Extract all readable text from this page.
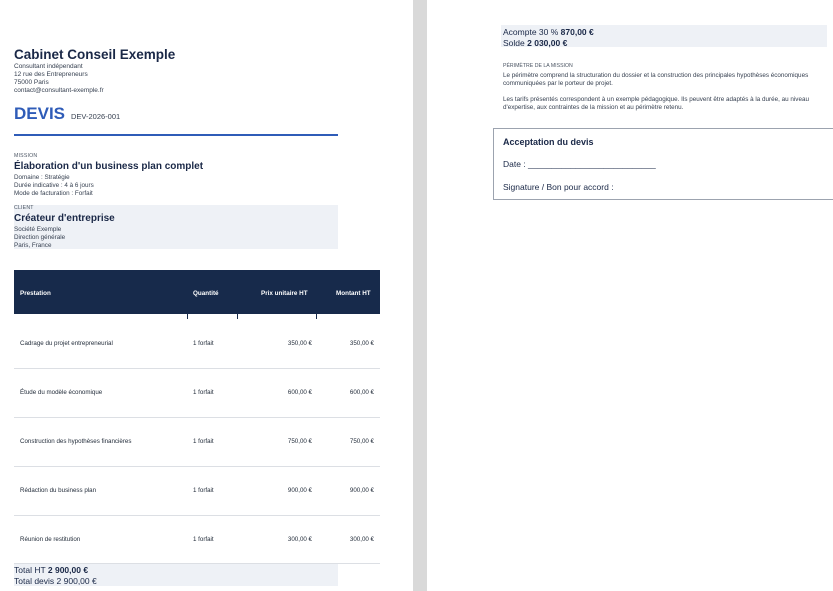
Cabinet Conseil Exemple
Consultant indépendant
12 rue des Entrepreneurs
75000 Paris
contact@consultant-exemple.fr
DEVIS DEV-2026-001
MISSION
Élaboration d'un business plan complet
Domaine : Stratégie
Durée indicative : 4 à 6 jours
Mode de facturation : Forfait
CLIENT
Créateur d'entreprise
Société Exemple
Direction générale
Paris, France
Prestation	Quantité	Prix unitaire HT	Montant HT
Cadrage du projet entrepreneurial	1 forfait	350,00 €	350,00 €
Étude du modèle économique	1 forfait	600,00 €	600,00 €
Construction des hypothèses financières	1 forfait	750,00 €	750,00 €
Rédaction du business plan	1 forfait	900,00 €	900,00 €
Réunion de restitution	1 forfait	300,00 €	300,00 €
Total HT 2 900,00 €
Total devis 2 900,00 €
Acompte 30 % 870,00 €
Solde 2 030,00 €
PÉRIMÈTRE DE LA MISSION
Le périmètre comprend la structuration du dossier et la construction des principales hypothèses économiques communiquées par le porteur de projet.
Les tarifs présentés correspondent à un exemple pédagogique. Ils peuvent être adaptés à la durée, au niveau d'expertise, aux contraintes de la mission et au périmètre retenu.
Acceptation du devis
Date : ___________________________
Signature / Bon pour accord :
